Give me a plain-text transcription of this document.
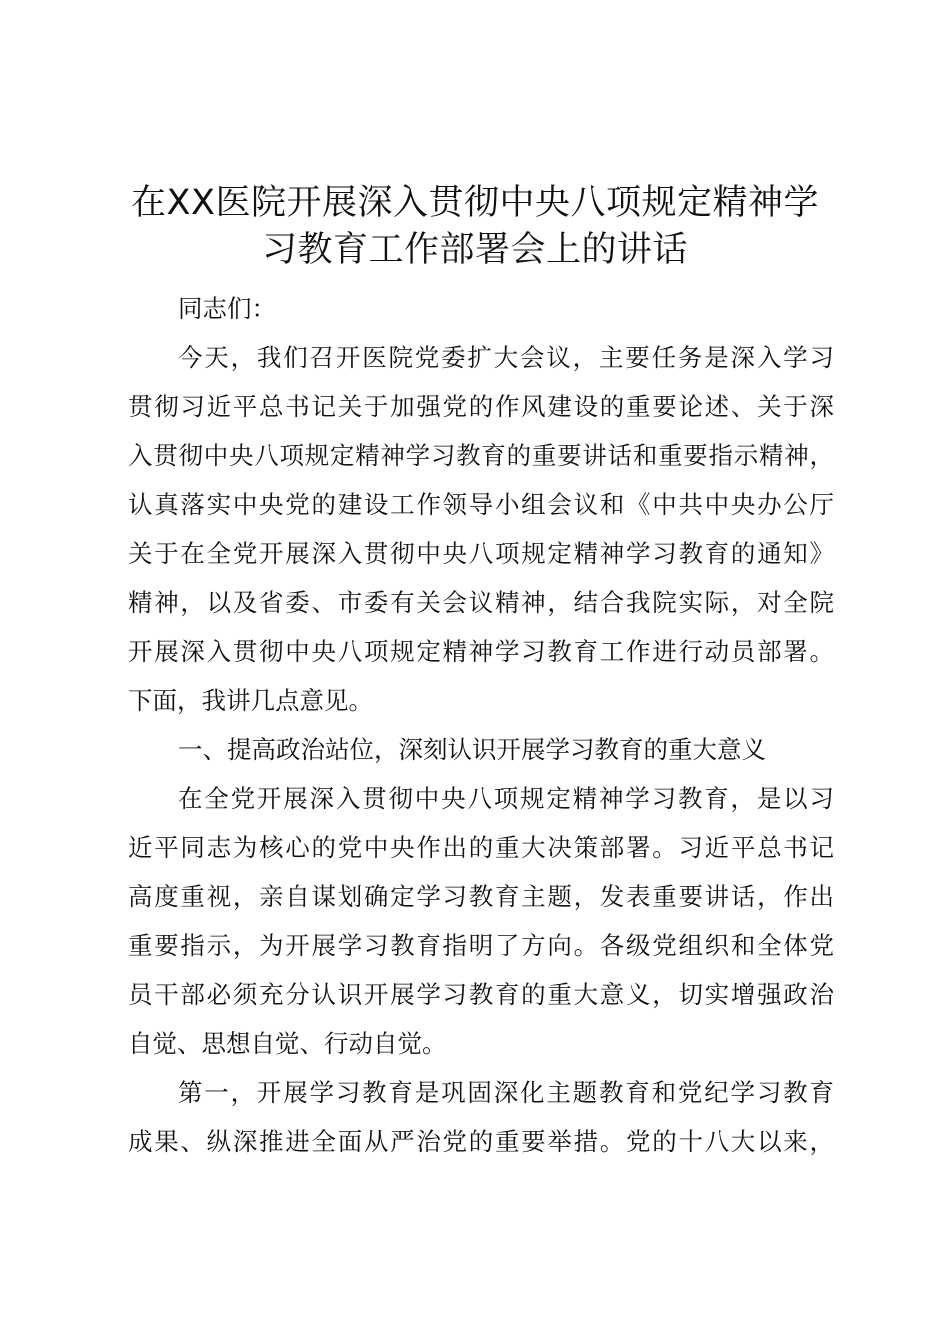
在XX医院开展深入贯彻中央八项规定精神学
习教育工作部署会上的讲话

同志们：

今天，我们召开医院党委扩大会议，主要任务是深入学习
贯彻习近平总书记关于加强党的作风建设的重要论述、关于深
入贯彻中央八项规定精神学习教育的重要讲话和重要指示精神，
认真落实中央党的建设工作领导小组会议和《中共中央办公厅
关于在全党开展深入贯彻中央八项规定精神学习教育的通知》
精神，以及省委、市委有关会议精神，结合我院实际，对全院
开展深入贯彻中央八项规定精神学习教育工作进行动员部署。
下面，我讲几点意见。

一、提高政治站位，深刻认识开展学习教育的重大意义

在全党开展深入贯彻中央八项规定精神学习教育，是以习
近平同志为核心的党中央作出的重大决策部署。习近平总书记
高度重视，亲自谋划确定学习教育主题，发表重要讲话，作出
重要指示，为开展学习教育指明了方向。各级党组织和全体党
员干部必须充分认识开展学习教育的重大意义，切实增强政治
自觉、思想自觉、行动自觉。

第一，开展学习教育是巩固深化主题教育和党纪学习教育
成果、纵深推进全面从严治党的重要举措。党的十八大以来，
